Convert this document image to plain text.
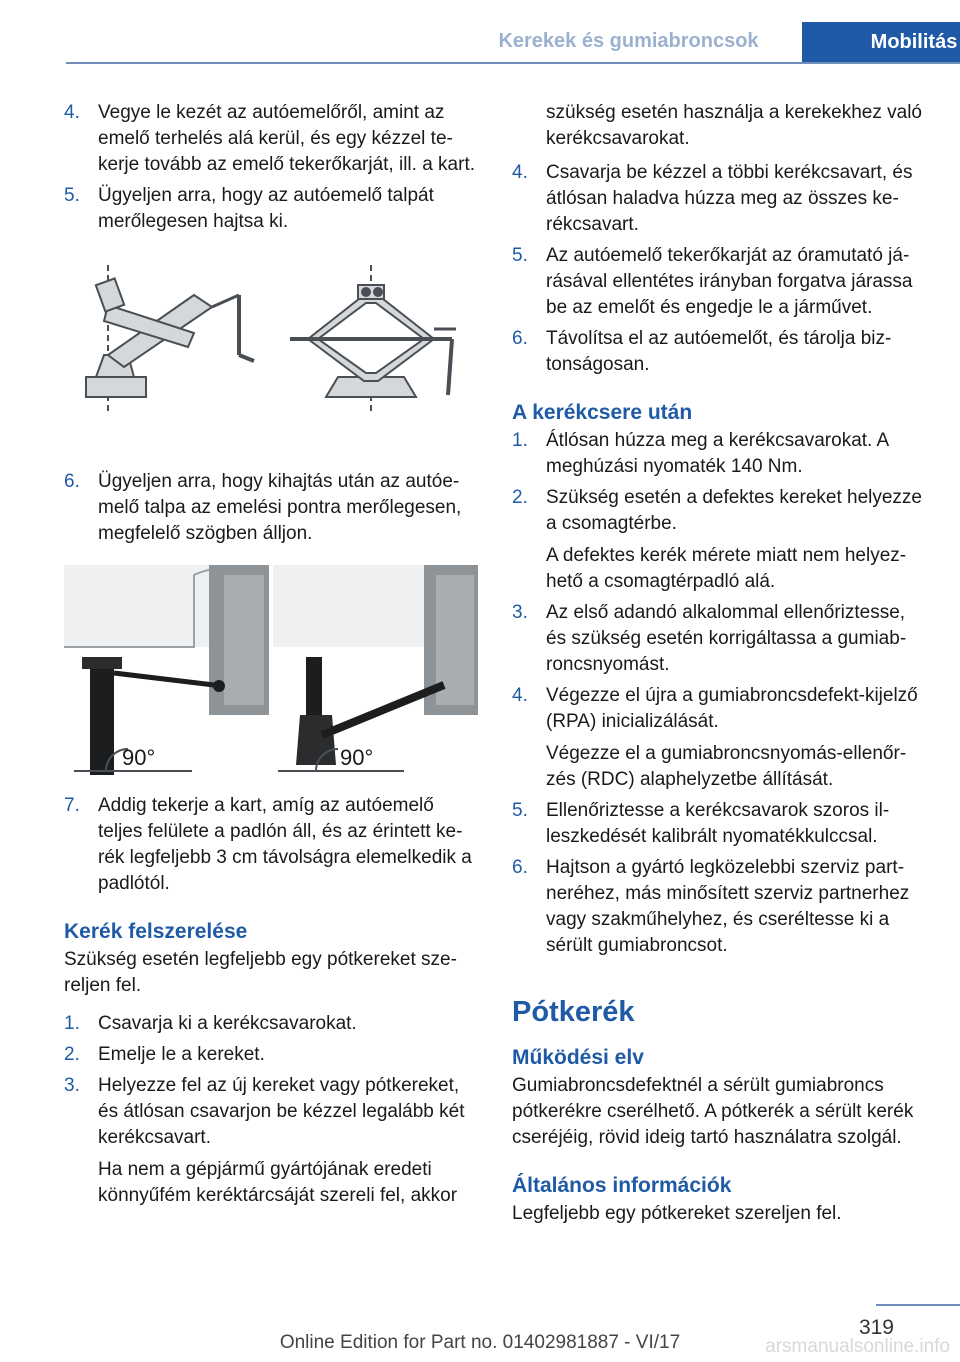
Kerekek és gumiabroncsok	Mobilitás
4. Vegye le kezét az autóemelőről, amint az emelő terhelés alá kerül, és egy kézzel tekerje tovább az emelő tekerőkarját, ill. a kart.

5. Ügyeljen arra, hogy az autóemelő talpát merőlegesen hajtsa ki.

6. Ügyeljen arra, hogy kihajtás után az autóemelő talpa az emelési pontra merőlegesen, megfelelő szögben álljon.

90°	90°
7. Addig tekerje a kart, amíg az autóemelő teljes felülete a padlón áll, és az érintett kerék legfeljebb 3 cm távolságra elemelkedik a padlótól.

Kerék felszerelése

Szükség esetén legfeljebb egy pótkereket szereljen fel.

1. Csavarja ki a kerékcsavarokat.

2. Emelje le a kereket.

3. Helyezze fel az új kereket vagy pótkereket, és átlósan csavarjon be kézzel legalább két kerékcsavart.

Ha nem a gépjármű gyártójának eredeti könnyűfém keréktárcsáját szereli fel, akkor

szükség esetén használja a kerekekhez való kerékcsavarokat.

4. Csavarja be kézzel a többi kerékcsavart, és átlósan haladva húzza meg az összes kerékcsavart.

5. Az autóemelő tekerőkarját az óramutató járásával ellentétes irányban forgatva járassa be az emelőt és engedje le a járművet.

6. Távolítsa el az autóemelőt, és tárolja biztonságosan.

A kerékcsere után
1. Átlósan húzza meg a kerékcsavarokat. A meghúzási nyomaték 140 Nm.

2. Szükség esetén a defektes kereket helyezze a csomagtérbe.

A defektes kerék mérete miatt nem helyezhető a csomagtérpadló alá.

3. Az első adandó alkalommal ellenőriztesse, és szükség esetén korrigáltassa a gumiabroncsnyomást.

4. Végezze el újra a gumiabroncsdefekt-kijelző (RPA) inicializálását.

Végezze el a gumiabroncsnyomás-ellenőrzés (RDC) alaphelyzetbe állítását.

5. Ellenőriztesse a kerékcsavarok szoros illeszkedését kalibrált nyomatékkulccsal.

6. Hajtson a gyártó legközelebbi szerviz partneréhez, más minősített szerviz partnerhez vagy szakműhelyhez, és cseréltesse ki a sérült gumiabroncsot.

Pótkerék
Működési elv

Gumiabroncsdefektnél a sérült gumiabroncs pótkerékre cserélhető. A pótkerék a sérült kerék cseréjéig, rövid ideig tartó használatra szolgál.

Általános információk

Legfeljebb egy pótkereket szereljen fel.

319
Online Edition for Part no. 01402981887 - VI/17	arsmanualsonline.info
